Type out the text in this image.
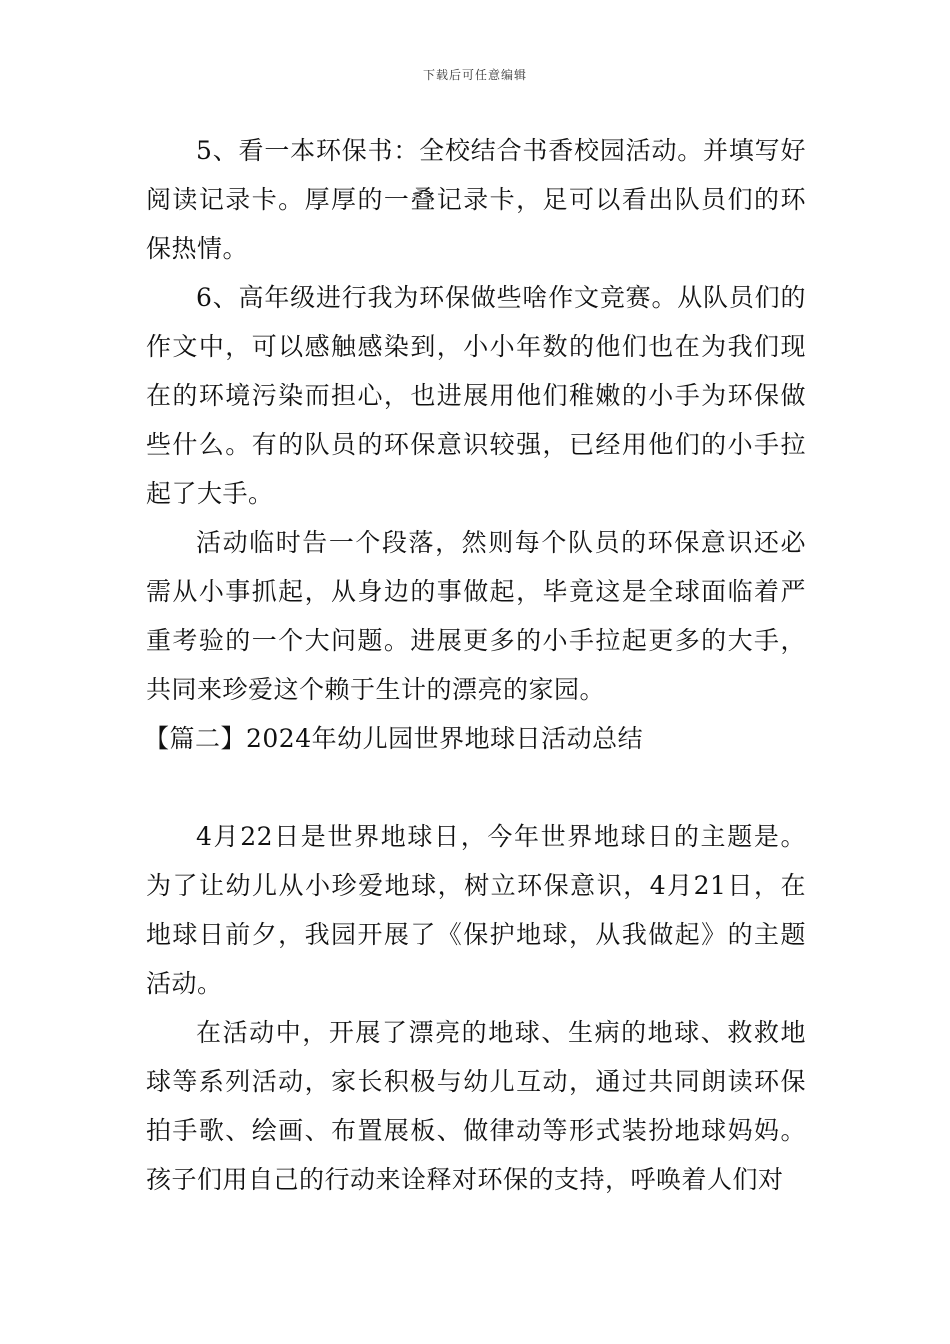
下载后可任意编辑

5、看一本环保书：全校结合书香校园活动。并填写好阅读记录卡。厚厚的一叠记录卡，足可以看出队员们的环保热情。

6、高年级进行我为环保做些啥作文竞赛。从队员们的作文中，可以感触感染到，小小年数的他们也在为我们现在的环境污染而担心，也进展用他们稚嫩的小手为环保做些什么。有的队员的环保意识较强，已经用他们的小手拉起了大手。

活动临时告一个段落，然则每个队员的环保意识还必需从小事抓起，从身边的事做起，毕竟这是全球面临着严重考验的一个大问题。进展更多的小手拉起更多的大手，共同来珍爱这个赖于生计的漂亮的家园。

【篇二】2024年幼儿园世界地球日活动总结

4月22日是世界地球日，今年世界地球日的主题是。为了让幼儿从小珍爱地球，树立环保意识，4月21日，在地球日前夕，我园开展了《保护地球，从我做起》的主题活动。

在活动中，开展了漂亮的地球、生病的地球、救救地球等系列活动，家长积极与幼儿互动，通过共同朗读环保拍手歌、绘画、布置展板、做律动等形式装扮地球妈妈。孩子们用自己的行动来诠释对环保的支持，呼唤着人们对
